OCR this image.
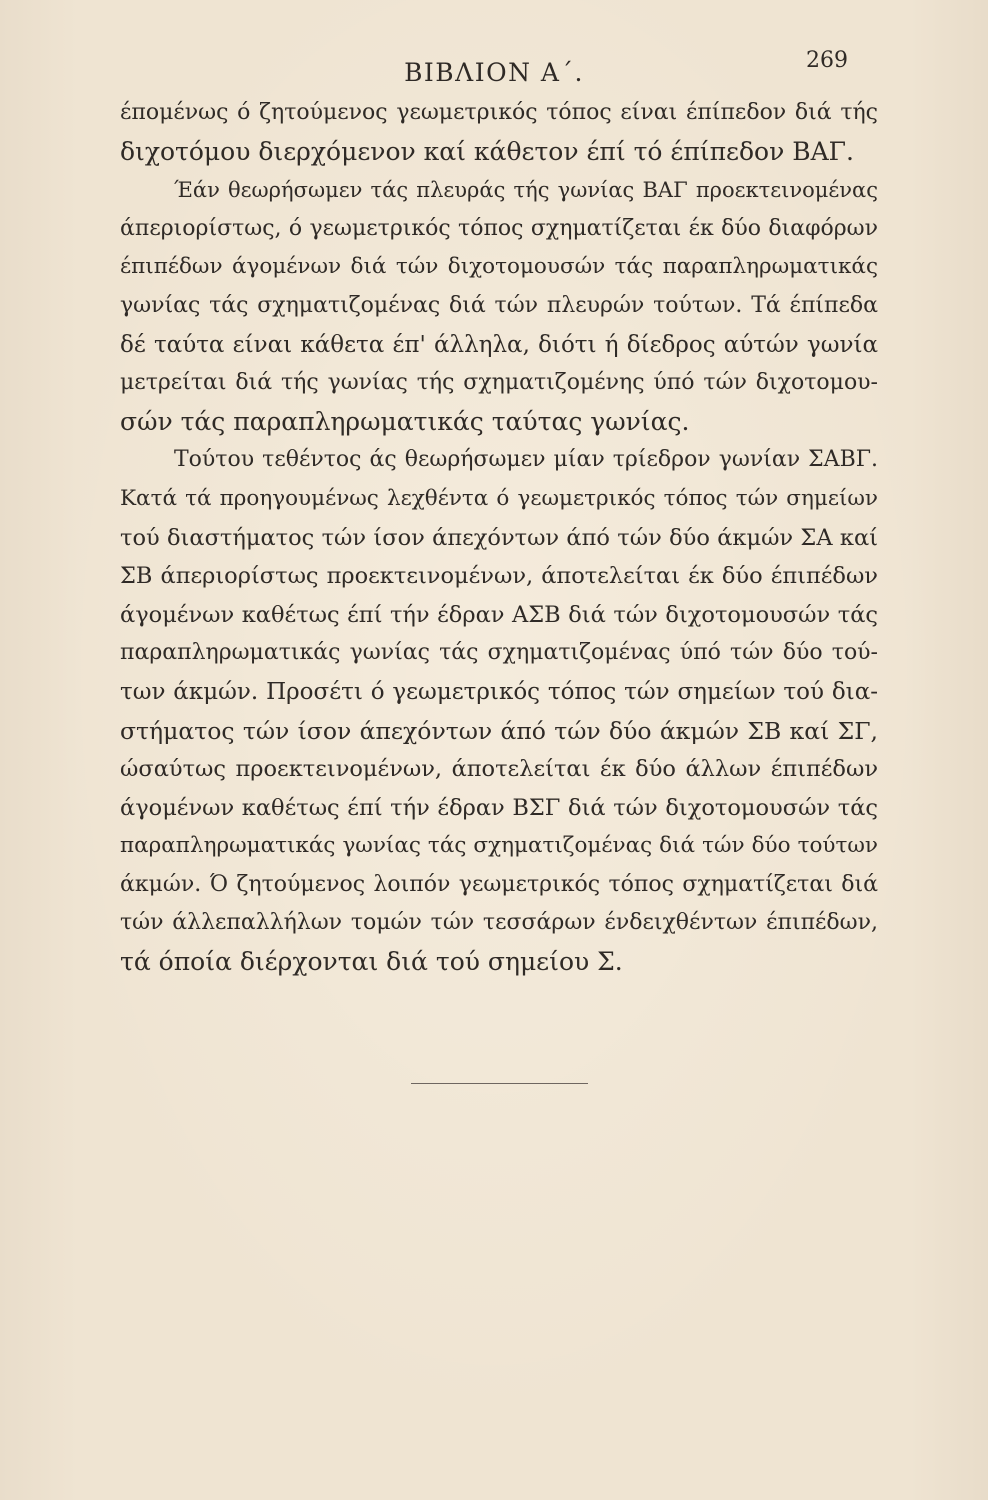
ΒΙΒΛΙΟΝ Α΄.	269
έπομένως ό ζητούμενος γεωμετρικός τόπος είναι έπίπεδον διά τής
διχοτόμου διερχόμενον καί κάθετον έπί τό έπίπεδον ΒΑΓ.
Έάν θεωρήσωμεν τάς πλευράς τής γωνίας ΒΑΓ προεκτεινομένας
άπεριορίστως, ό γεωμετρικός τόπος σχηματίζεται έκ δύο διαφόρων
έπιπέδων άγομένων διά τών διχοτομουσών τάς παραπληρωματικάς
γωνίας τάς σχηματιζομένας διά τών πλευρών τούτων. Τά έπίπεδα
δέ ταύτα είναι κάθετα έπ' άλληλα, διότι ή δίεδρος αύτών γωνία
μετρείται διά τής γωνίας τής σχηματιζομένης ύπό τών διχοτομου-
σών τάς παραπληρωματικάς ταύτας γωνίας.
Τούτου τεθέντος άς θεωρήσωμεν μίαν τρίεδρον γωνίαν ΣΑΒΓ.
Κατά τά προηγουμένως λεχθέντα ό γεωμετρικός τόπος τών σημείων
τού διαστήματος τών ίσον άπεχόντων άπό τών δύο άκμών ΣΑ καί
ΣΒ άπεριορίστως προεκτεινομένων, άποτελείται έκ δύο έπιπέδων
άγομένων καθέτως έπί τήν έδραν ΑΣΒ διά τών διχοτομουσών τάς
παραπληρωματικάς γωνίας τάς σχηματιζομένας ύπό τών δύο τού-
των άκμών. Προσέτι ό γεωμετρικός τόπος τών σημείων τού δια-
στήματος τών ίσον άπεχόντων άπό τών δύο άκμών ΣΒ καί ΣΓ,
ώσαύτως προεκτεινομένων, άποτελείται έκ δύο άλλων έπιπέδων
άγομένων καθέτως έπί τήν έδραν ΒΣΓ διά τών διχοτομουσών τάς
παραπληρωματικάς γωνίας τάς σχηματιζομένας διά τών δύο τούτων
άκμών. Ό ζητούμενος λοιπόν γεωμετρικός τόπος σχηματίζεται διά
τών άλλεπαλλήλων τομών τών τεσσάρων ένδειχθέντων έπιπέδων,
τά όποία διέρχονται διά τού σημείου Σ.
